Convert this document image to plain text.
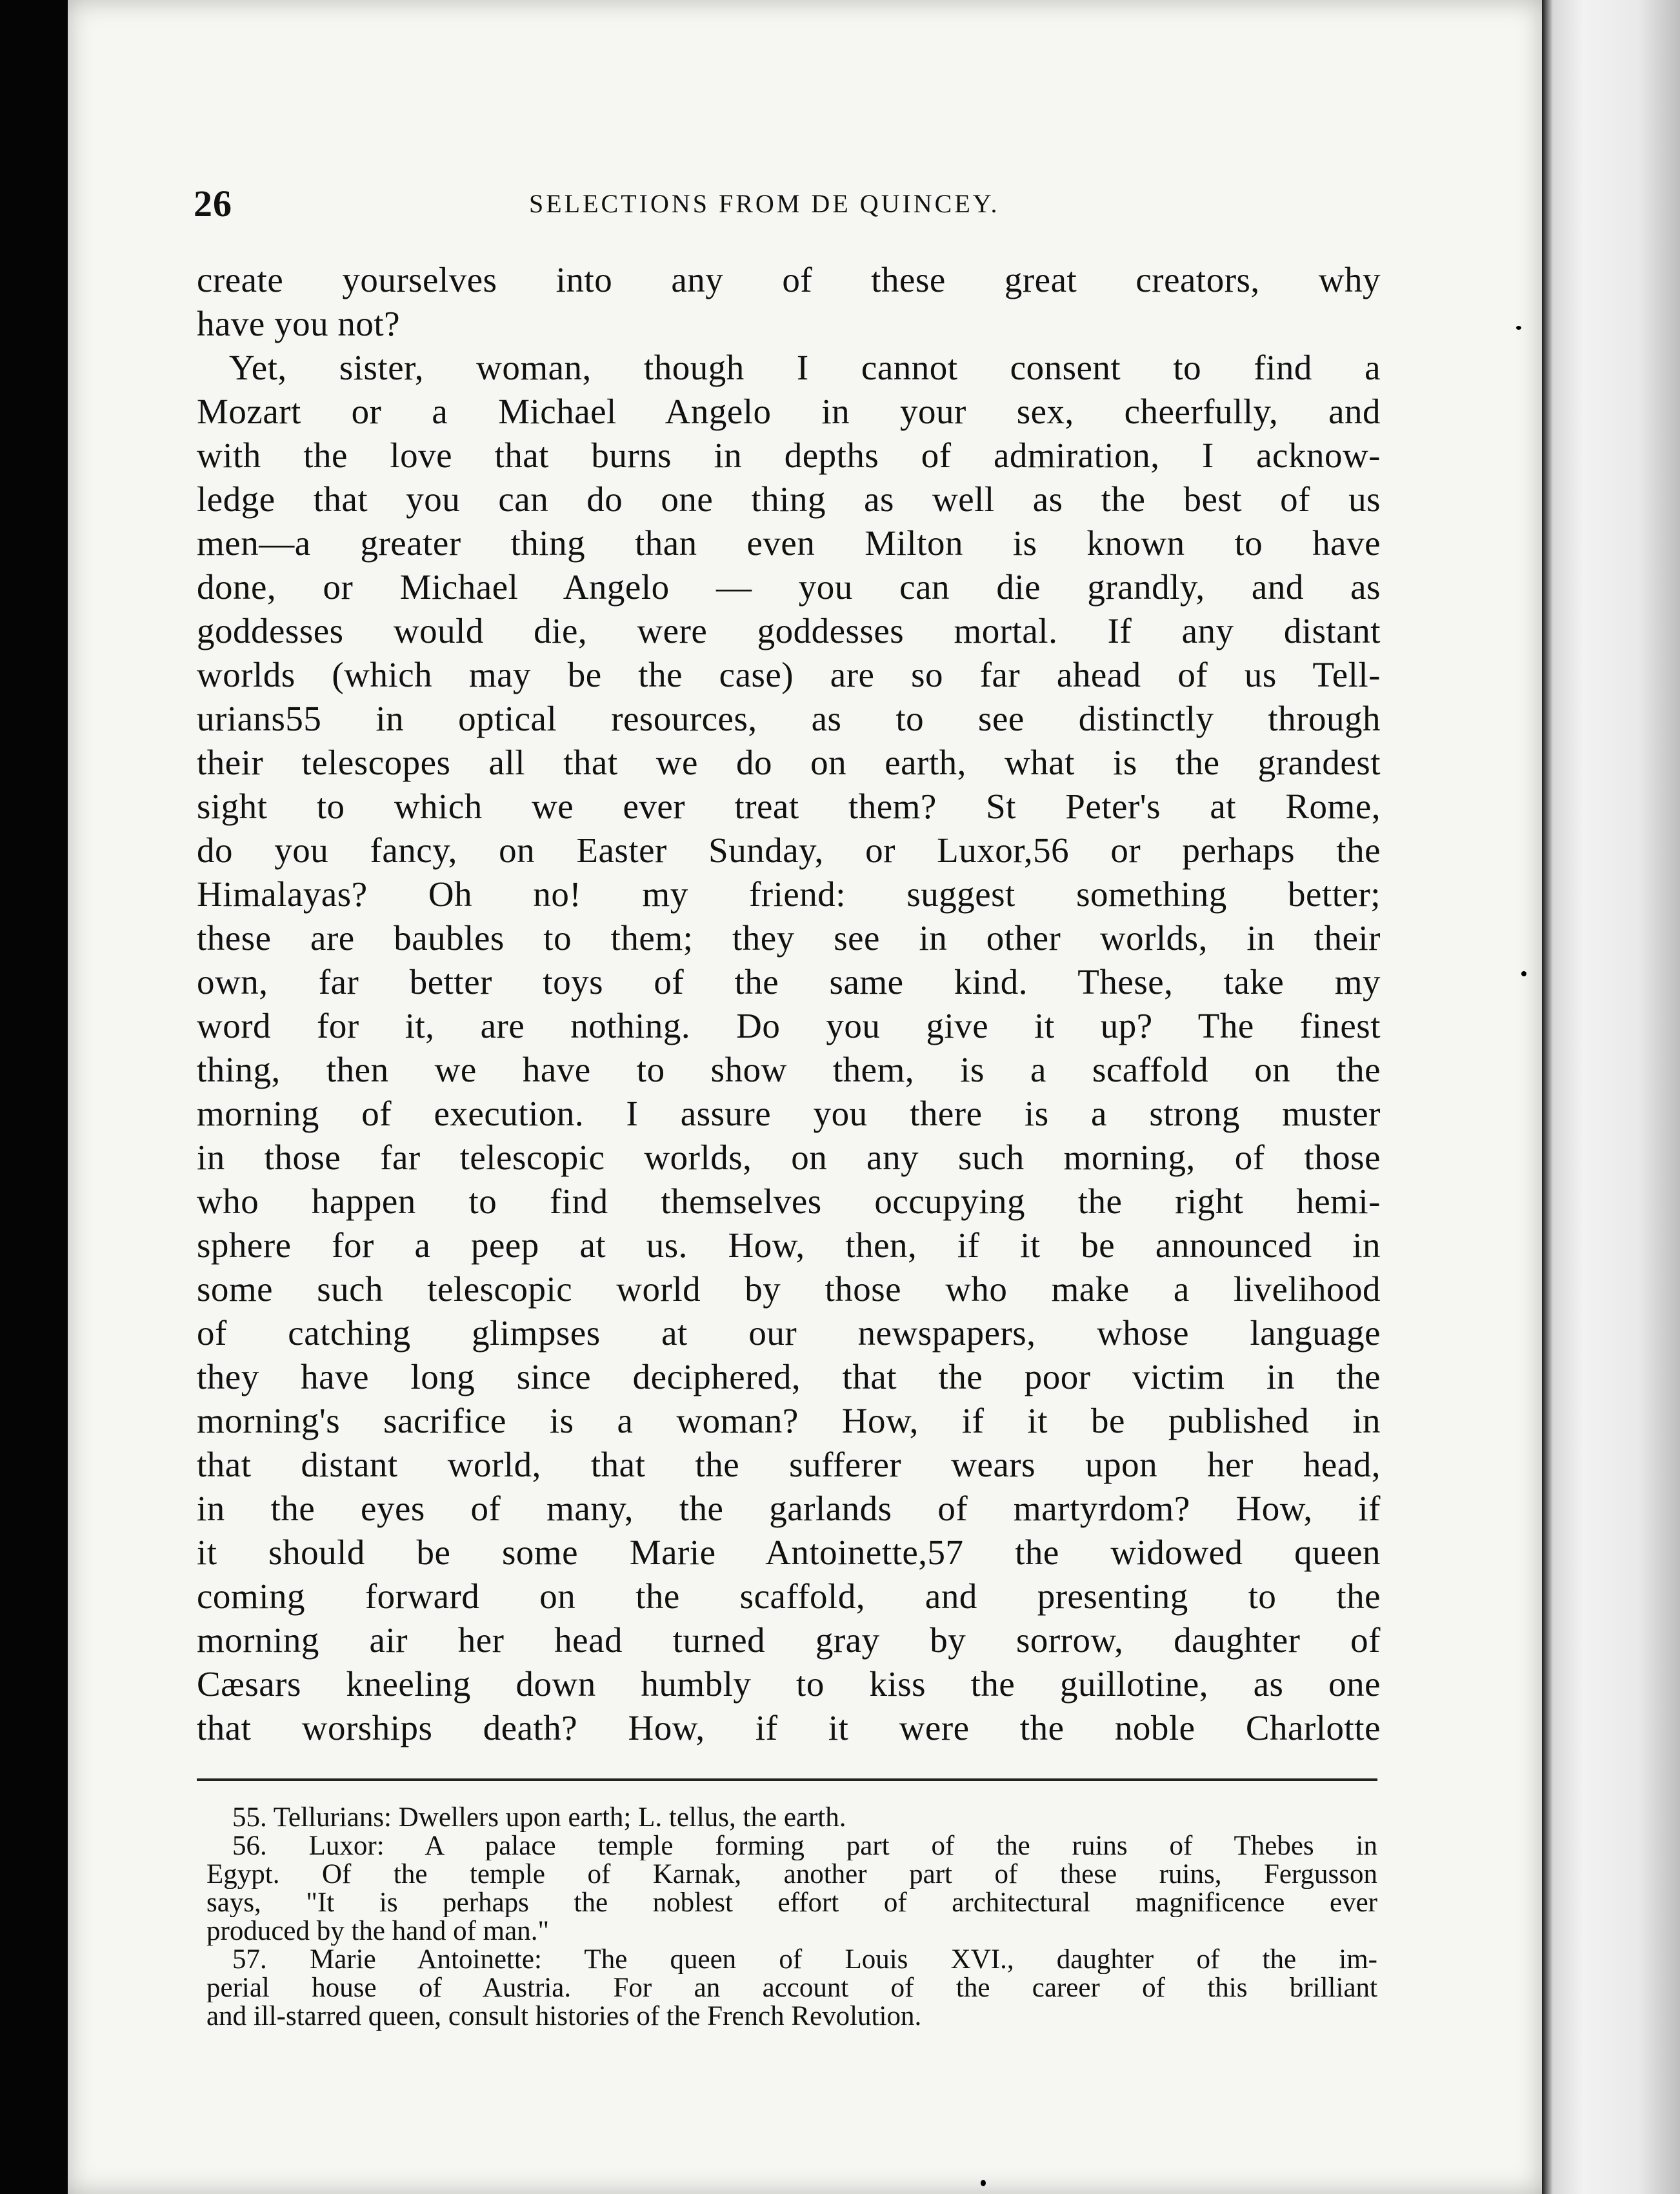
26	SELECTIONS FROM DE QUINCEY.
create yourselves into any of these great creators, why
have you not?
Yet, sister, woman, though I cannot consent to find a
Mozart or a Michael Angelo in your sex, cheerfully, and
with the love that burns in depths of admiration, I acknow-
ledge that you can do one thing as well as the best of us
men—a greater thing than even Milton is known to have
done, or Michael Angelo — you can die grandly, and as
goddesses would die, were goddesses mortal. If any distant
worlds (which may be the case) are so far ahead of us Tell-
urians55 in optical resources, as to see distinctly through
their telescopes all that we do on earth, what is the grandest
sight to which we ever treat them? St Peter's at Rome,
do you fancy, on Easter Sunday, or Luxor,56 or perhaps the
Himalayas? Oh no! my friend: suggest something better;
these are baubles to them; they see in other worlds, in their
own, far better toys of the same kind. These, take my
word for it, are nothing. Do you give it up? The finest
thing, then we have to show them, is a scaffold on the
morning of execution. I assure you there is a strong muster
in those far telescopic worlds, on any such morning, of those
who happen to find themselves occupying the right hemi-
sphere for a peep at us. How, then, if it be announced in
some such telescopic world by those who make a livelihood
of catching glimpses at our newspapers, whose language
they have long since deciphered, that the poor victim in the
morning's sacrifice is a woman? How, if it be published in
that distant world, that the sufferer wears upon her head,
in the eyes of many, the garlands of martyrdom? How, if
it should be some Marie Antoinette,57 the widowed queen
coming forward on the scaffold, and presenting to the
morning air her head turned gray by sorrow, daughter of
Cæsars kneeling down humbly to kiss the guillotine, as one
that worships death? How, if it were the noble Charlotte
55. Tellurians: Dwellers upon earth; L. tellus, the earth.
56. Luxor: A palace temple forming part of the ruins of Thebes in
Egypt. Of the temple of Karnak, another part of these ruins, Fergusson
says, "It is perhaps the noblest effort of architectural magnificence ever
produced by the hand of man."
57. Marie Antoinette: The queen of Louis XVI., daughter of the im-
perial house of Austria. For an account of the career of this brilliant
and ill-starred queen, consult histories of the French Revolution.
